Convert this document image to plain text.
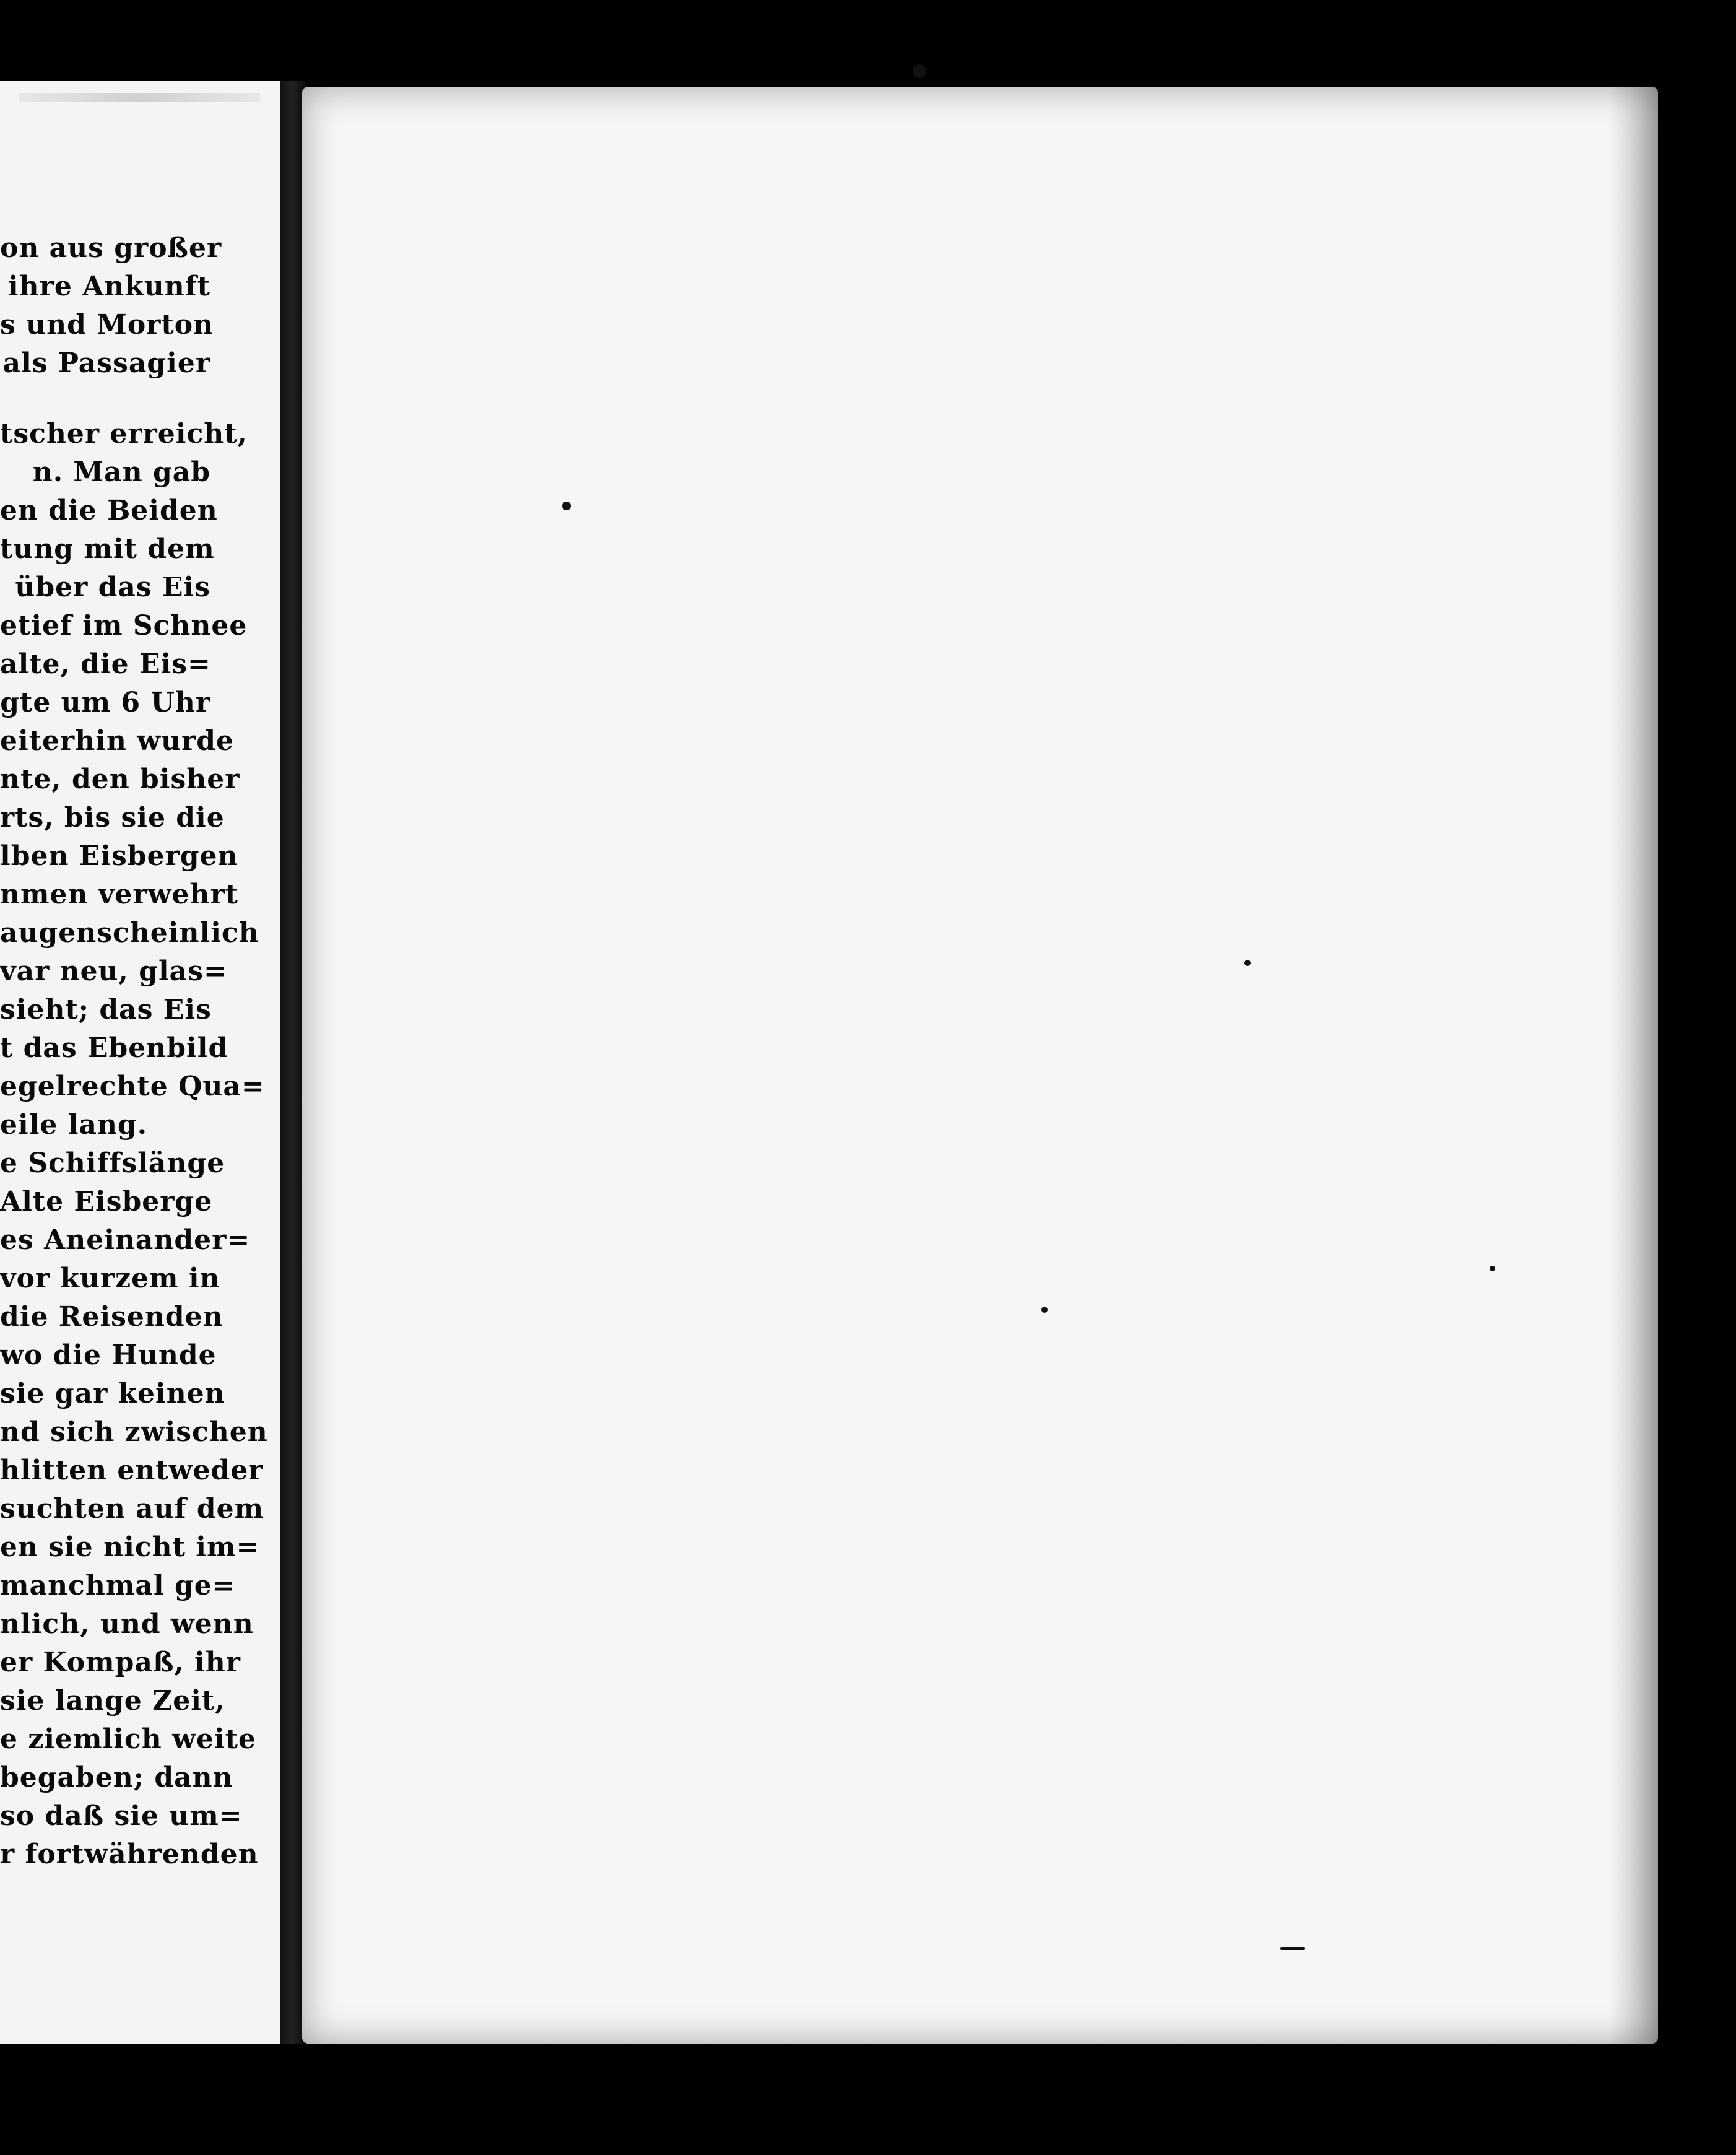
on aus großer
ihre Ankunft
s und Morton
als Passagier
tscher erreicht,
n. Man gab
en die Beiden
tung mit dem
über das Eis
etief im Schnee
alte, die Eis=
gte um 6 Uhr
eiterhin wurde
nte, den bisher
rts, bis sie die
lben Eisbergen
nmen verwehrt
augenscheinlich
var neu, glas=
sieht; das Eis
t das Ebenbild
egelrechte Qua=
eile lang.
e Schiffslänge
Alte Eisberge
es Aneinander=
vor kurzem in
die Reisenden
wo die Hunde
sie gar keinen
nd sich zwischen
hlitten entweder
suchten auf dem
en sie nicht im=
manchmal ge=
nlich, und wenn
er Kompaß, ihr
sie lange Zeit,
e ziemlich weite
begaben; dann
so daß sie um=
r fortwährenden
